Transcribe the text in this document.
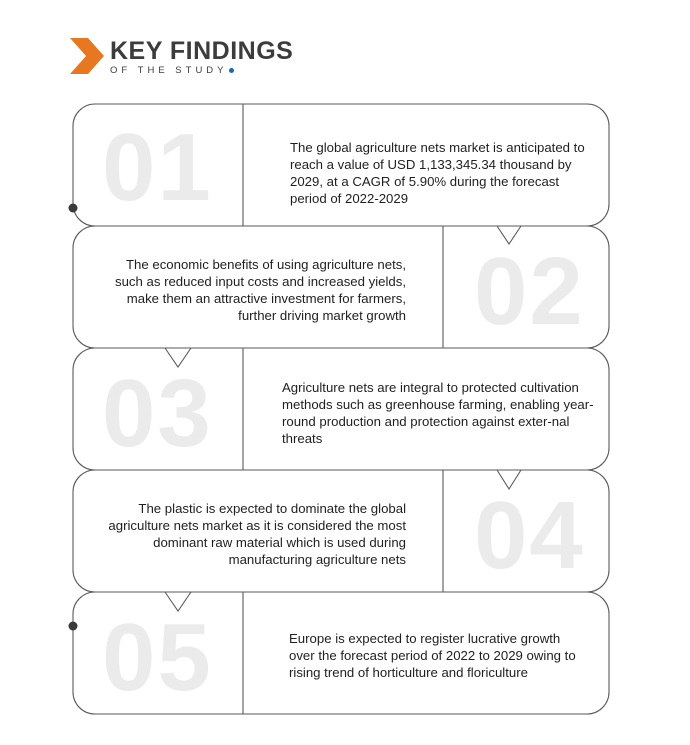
KEY FINDINGS
OF THE STUDY
01
02
03
04
05
The global agriculture nets market is anticipated to reach a value of USD 1,133,345.34 thousand by 2029, at a CAGR of 5.90% during the forecast period of 2022-2029
The economic benefits of using agriculture nets, such as reduced input costs and increased yields, make them an attractive investment for farmers, further driving market growth
Agriculture nets are integral to protected cultivation methods such as greenhouse farming, enabling year-round production and protection against exter-nal threats
The plastic is expected to dominate the global agriculture nets market as it is considered the most dominant raw material which is used during manufacturing agriculture nets
Europe is expected to register lucrative growth over the forecast period of 2022 to 2029 owing to rising trend of horticulture and floriculture
